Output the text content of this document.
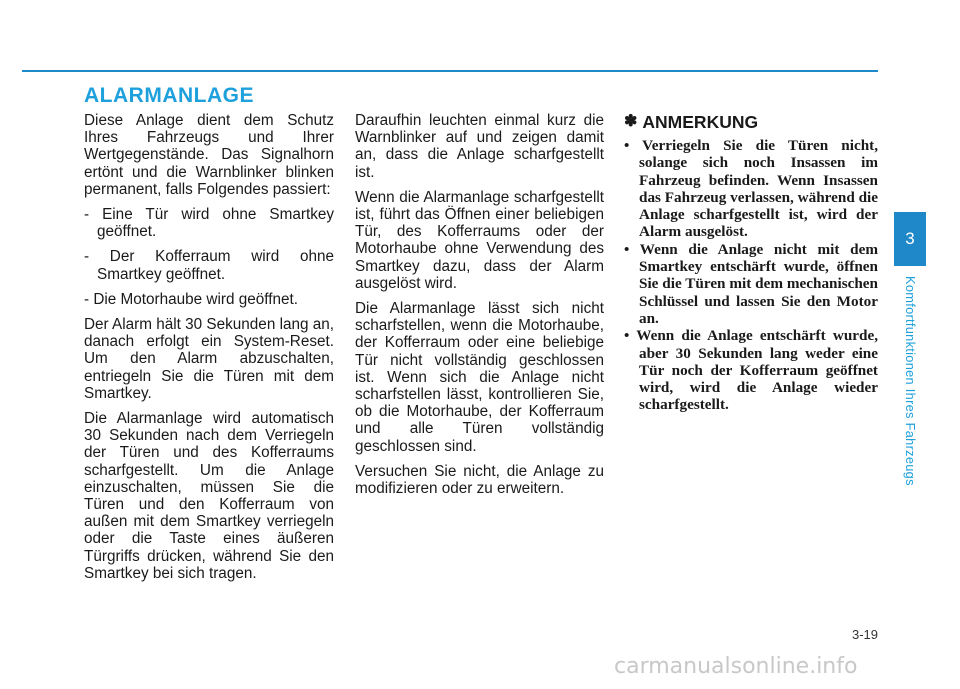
ALARMANLAGE

Diese Anlage dient dem Schutz Ihres Fahrzeugs und Ihrer Wertgegenstände. Das Signalhorn ertönt und die Warnblinker blinken permanent, falls Folgendes passiert:

- Eine Tür wird ohne Smartkey geöffnet.

- Der Kofferraum wird ohne Smartkey geöffnet.

- Die Motorhaube wird geöffnet.

Der Alarm hält 30 Sekunden lang an, danach erfolgt ein System-Reset. Um den Alarm abzuschalten, entriegeln Sie die Türen mit dem Smartkey.

Die Alarmanlage wird automatisch 30 Sekunden nach dem Verriegeln der Türen und des Kofferraums scharfgestellt. Um die Anlage einzuschalten, müssen Sie die Türen und den Kofferraum von außen mit dem Smartkey verriegeln oder die Taste eines äußeren Türgriffs drücken, während Sie den Smartkey bei sich tragen.

Daraufhin leuchten einmal kurz die Warnblinker auf und zeigen damit an, dass die Anlage scharfgestellt ist.

Wenn die Alarmanlage scharfgestellt ist, führt das Öffnen einer beliebigen Tür, des Kofferraums oder der Motorhaube ohne Verwendung des Smartkey dazu, dass der Alarm ausgelöst wird.

Die Alarmanlage lässt sich nicht scharfstellen, wenn die Motorhaube, der Kofferraum oder eine beliebige Tür nicht vollständig geschlossen ist. Wenn sich die Anlage nicht scharfstellen lässt, kontrollieren Sie, ob die Motorhaube, der Kofferraum und alle Türen vollständig geschlossen sind.

Versuchen Sie nicht, die Anlage zu modifizieren oder zu erweitern.

✽ ANMERKUNG
• Verriegeln Sie die Türen nicht, solange sich noch Insassen im Fahrzeug befinden. Wenn Insassen das Fahrzeug verlassen, während die Anlage scharfgestellt ist, wird der Alarm ausgelöst.
• Wenn die Anlage nicht mit dem Smartkey entschärft wurde, öffnen Sie die Türen mit dem mechanischen Schlüssel und lassen Sie den Motor an.
• Wenn die Anlage entschärft wurde, aber 30 Sekunden lang weder eine Tür noch der Kofferraum geöffnet wird, wird die Anlage wieder scharfgestellt.
3
Komfortfunktionen Ihres Fahrzeugs
3-19
carmanualsonline.info
